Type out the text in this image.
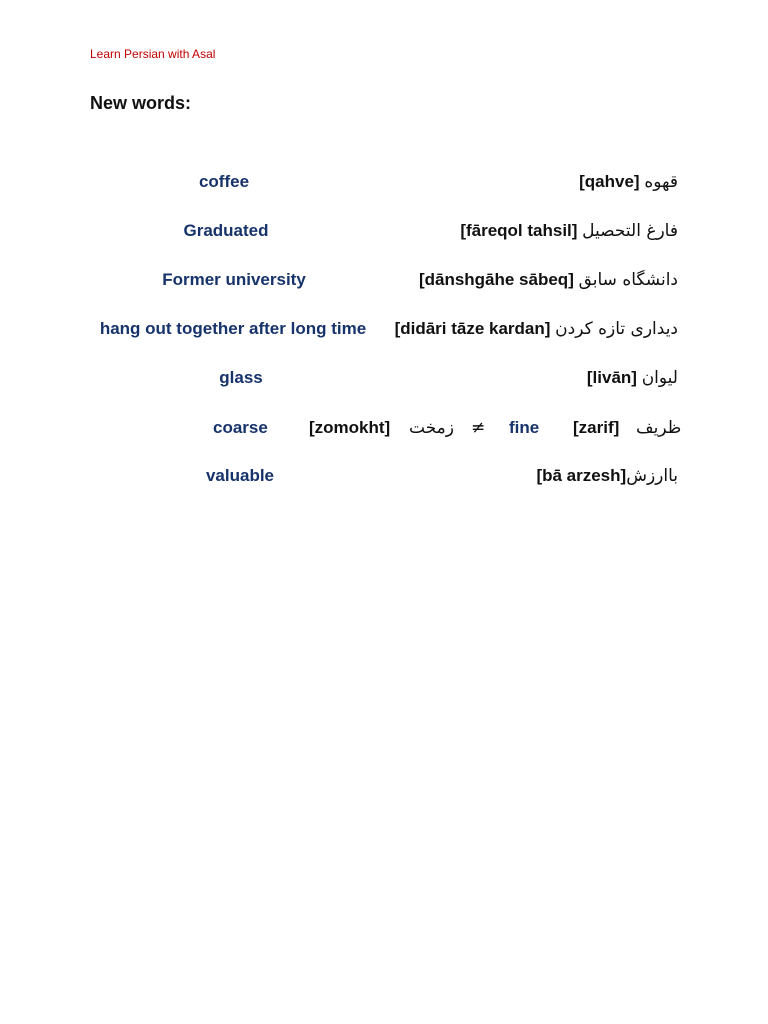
Learn Persian with Asal
New words:
coffee	[qahve] قهوه
Graduated	[fāreqol tahsil] فارغ التحصیل
Former university	[dānshgāhe sābeq] دانشگاه سابق
hang out together after long time [didāri tāze kardan] دیداری تازه کردن
glass	[livān] لیوان
coarse [zomokht] زمخت ≠ fine [zarif] ظریف
valuable	[bā arzesh]باارزش
